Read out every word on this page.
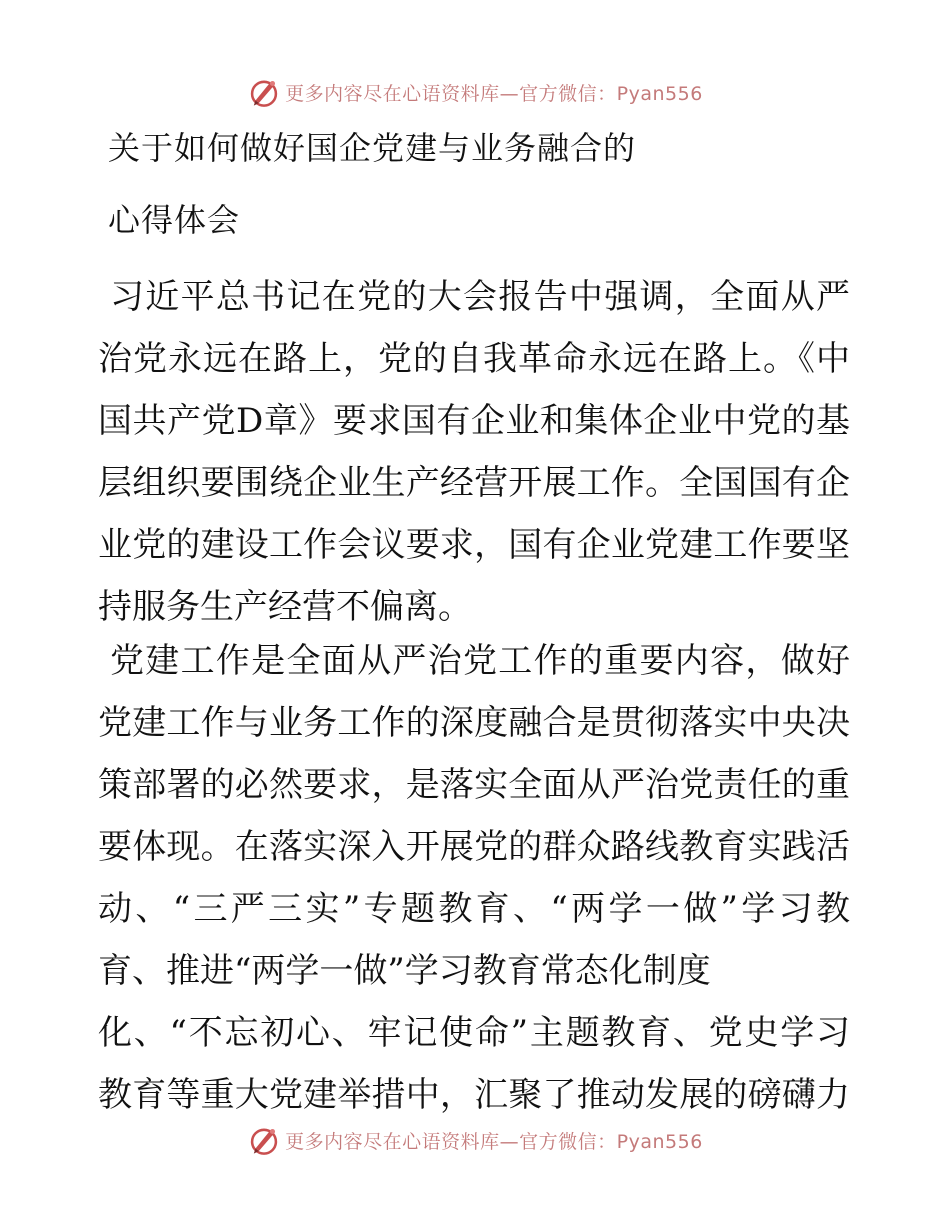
更多内容尽在心语资料库—官方微信：Pyan556
关于如何做好国企党建与业务融合的
心得体会
习近平总书记在党的大会报告中强调，全面从严
治党永远在路上，党的自我革命永远在路上。《中
国共产党D章》要求国有企业和集体企业中党的基
层组织要围绕企业生产经营开展工作。全国国有企
业党的建设工作会议要求，国有企业党建工作要坚
持服务生产经营不偏离。
党建工作是全面从严治党工作的重要内容，做好
党建工作与业务工作的深度融合是贯彻落实中央决
策部署的必然要求，是落实全面从严治党责任的重
要体现。在落实深入开展党的群众路线教育实践活
动、“三严三实”专题教育、“两学一做”学习教
育、推进“两学一做”学习教育常态化制度
化、“不忘初心、牢记使命”主题教育、党史学习
教育等重大党建举措中，汇聚了推动发展的磅礴力
更多内容尽在心语资料库—官方微信：Pyan556
